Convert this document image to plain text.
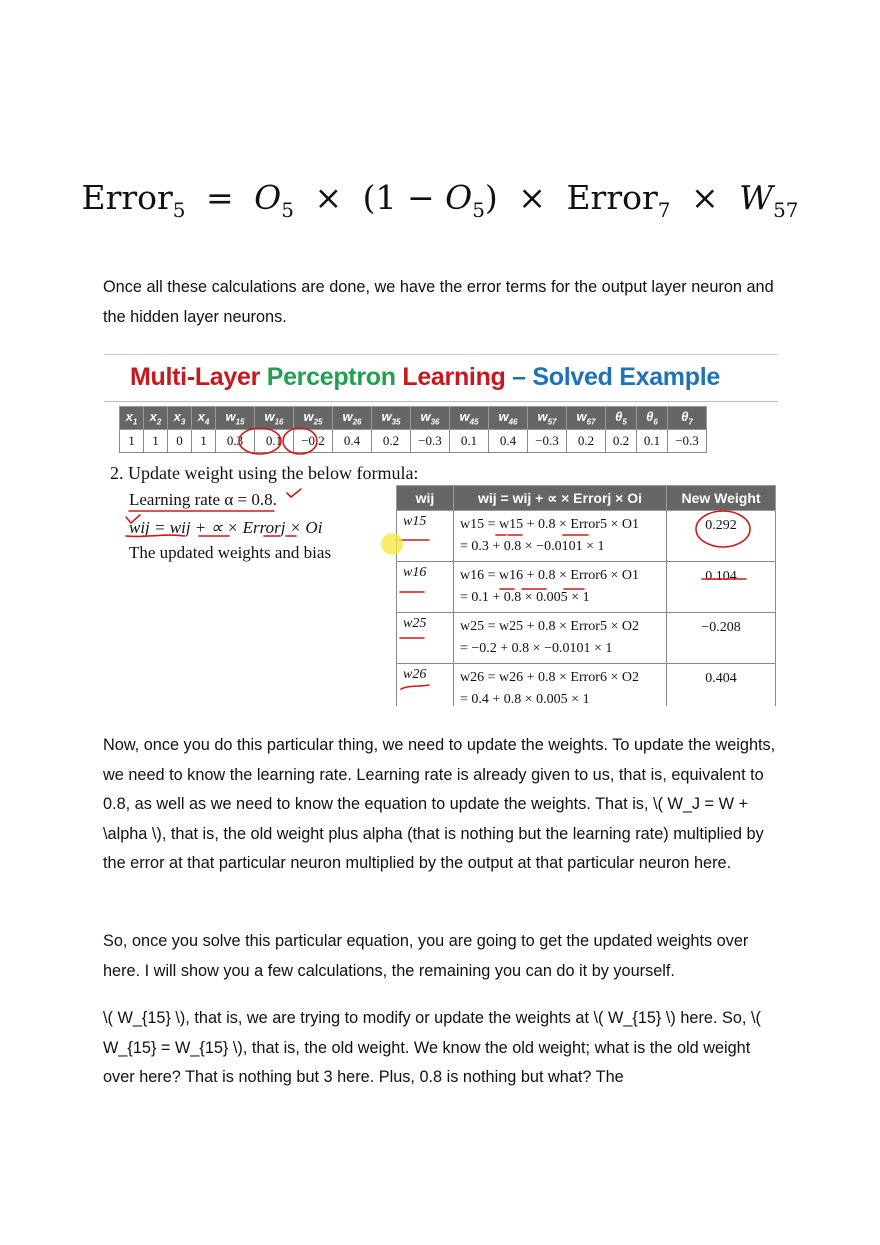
Error$_5$ = $O_5 \times (1 - O_5)$ × Error$_7$ × $W_{57}$

Once all these calculations are done, we have the error terms for the output layer neuron and the hidden layer neurons.

Multi-Layer Perceptron Learning – Solved Example
$x_1$	$x_2$	$x_3$	$x_4$	$w_{15}$	$w_{16}$	$w_{25}$	$w_{26}$	$w_{35}$	$w_{36}$	$w_{45}$	$w_{46}$	$w_{57}$	$w_{67}$	$\theta_5$	$\theta_6$	$\theta_7$
1	1	0	1	0.3	0.1	−0.2	0.4	0.2	−0.3	0.1	0.4	−0.3	0.2	0.2	0.1	−0.3
2. Update weight using the below formula:
Learning rate α = 0.8.
wij = wij + ∝ × Errorj × Oi
The updated weights and bias
wij	wij = wij + ∝ × Errorj × Oi	New Weight
w15	w15 = w15 + 0.8 × Error5 × O1
= 0.3 + 0.8 × −0.0101 × 1	0.292
w16	w16 = w16 + 0.8 × Error6 × O1
= 0.1 + 0.8 × 0.005 × 1	0.104
w25	w25 = w25 + 0.8 × Error5 × O2
= −0.2 + 0.8 × −0.0101 × 1	−0.208
w26	w26 = w26 + 0.8 × Error6 × O2
= 0.4 + 0.8 × 0.005 × 1	0.404

Now, once you do this particular thing, we need to update the weights. To update the weights, we need to know the learning rate. Learning rate is already given to us, that is, equivalent to 0.8, as well as we need to know the equation to update the weights. That is, \( W_J = W + \alpha \), that is, the old weight plus alpha (that is nothing but the learning rate) multiplied by the error at that particular neuron multiplied by the output at that particular neuron here.

So, once you solve this particular equation, you are going to get the updated weights over here. I will show you a few calculations, the remaining you can do it by yourself.

\( W_{15} \), that is, we are trying to modify or update the weights at \( W_{15} \) here. So, \( W_{15} = W_{15} \), that is, the old weight. We know the old weight; what is the old weight over here? That is nothing but 3 here. Plus, 0.8 is nothing but what? The
